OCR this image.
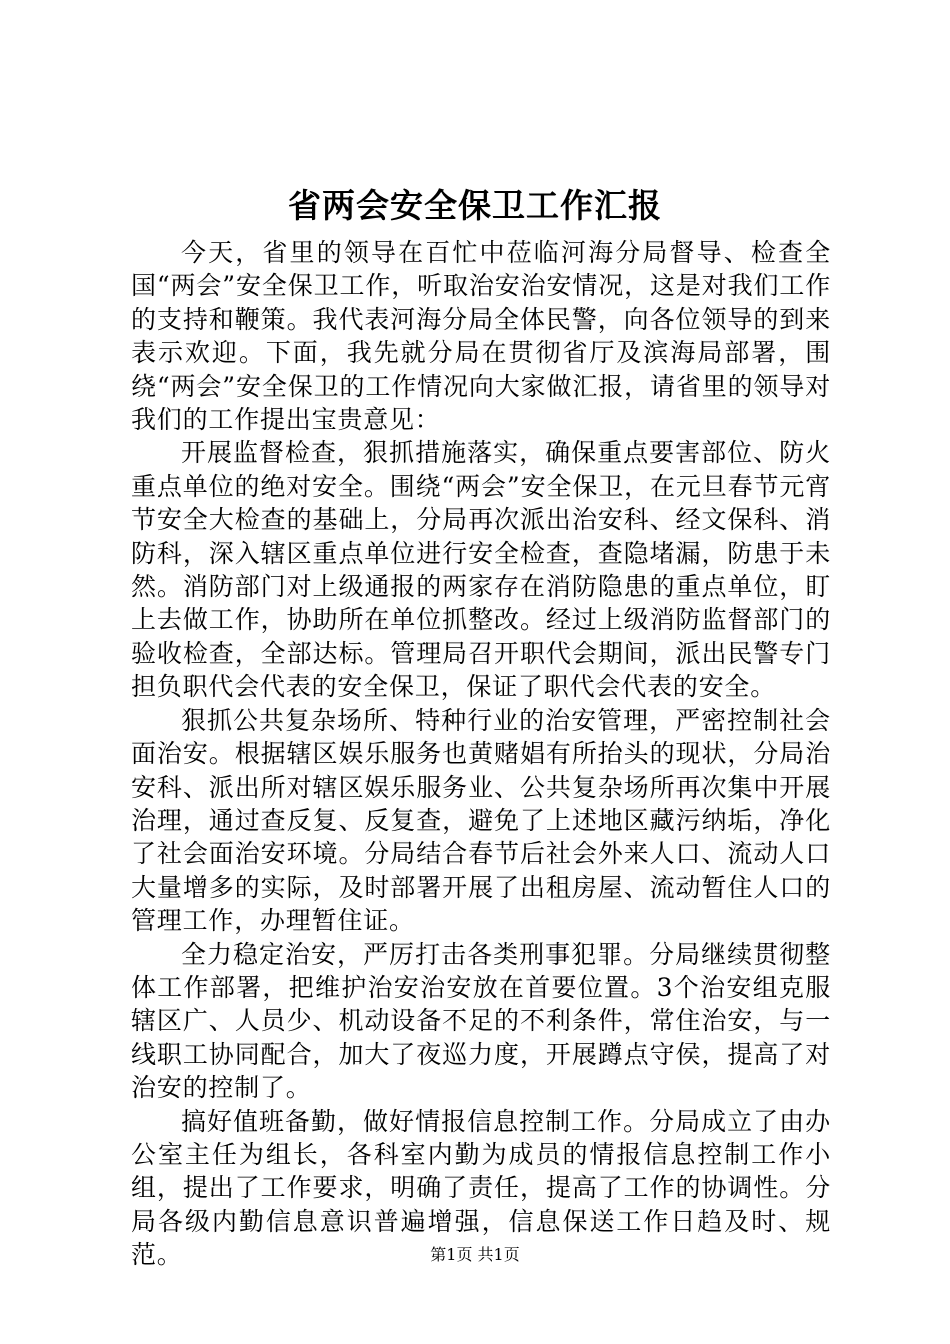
省两会安全保卫工作汇报

今天，省里的领导在百忙中莅临河海分局督导、检查全国“两会”安全保卫工作，听取治安治安情况，这是对我们工作的支持和鞭策。我代表河海分局全体民警，向各位领导的到来表示欢迎。下面，我先就分局在贯彻省厅及滨海局部署，围绕“两会”安全保卫的工作情况向大家做汇报，请省里的领导对我们的工作提出宝贵意见：

开展监督检查，狠抓措施落实，确保重点要害部位、防火重点单位的绝对安全。围绕“两会”安全保卫，在元旦春节元宵节安全大检查的基础上，分局再次派出治安科、经文保科、消防科，深入辖区重点单位进行安全检查，查隐堵漏，防患于未然。消防部门对上级通报的两家存在消防隐患的重点单位，盯上去做工作，协助所在单位抓整改。经过上级消防监督部门的验收检查，全部达标。管理局召开职代会期间，派出民警专门担负职代会代表的安全保卫，保证了职代会代表的安全。

狠抓公共复杂场所、特种行业的治安管理，严密控制社会面治安。根据辖区娱乐服务也黄赌娼有所抬头的现状，分局治安科、派出所对辖区娱乐服务业、公共复杂场所再次集中开展治理，通过查反复、反复查，避免了上述地区藏污纳垢，净化了社会面治安环境。分局结合春节后社会外来人口、流动人口大量增多的实际，及时部署开展了出租房屋、流动暂住人口的管理工作，办理暂住证。

全力稳定治安，严厉打击各类刑事犯罪。分局继续贯彻整体工作部署，把维护治安治安放在首要位置。3个治安组克服辖区广、人员少、机动设备不足的不利条件，常住治安，与一线职工协同配合，加大了夜巡力度，开展蹲点守侯，提高了对治安的控制了。

搞好值班备勤，做好情报信息控制工作。分局成立了由办公室主任为组长，各科室内勤为成员的情报信息控制工作小组，提出了工作要求，明确了责任，提高了工作的协调性。分局各级内勤信息意识普遍增强，信息保送工作日趋及时、规范。	第1页 共1页
